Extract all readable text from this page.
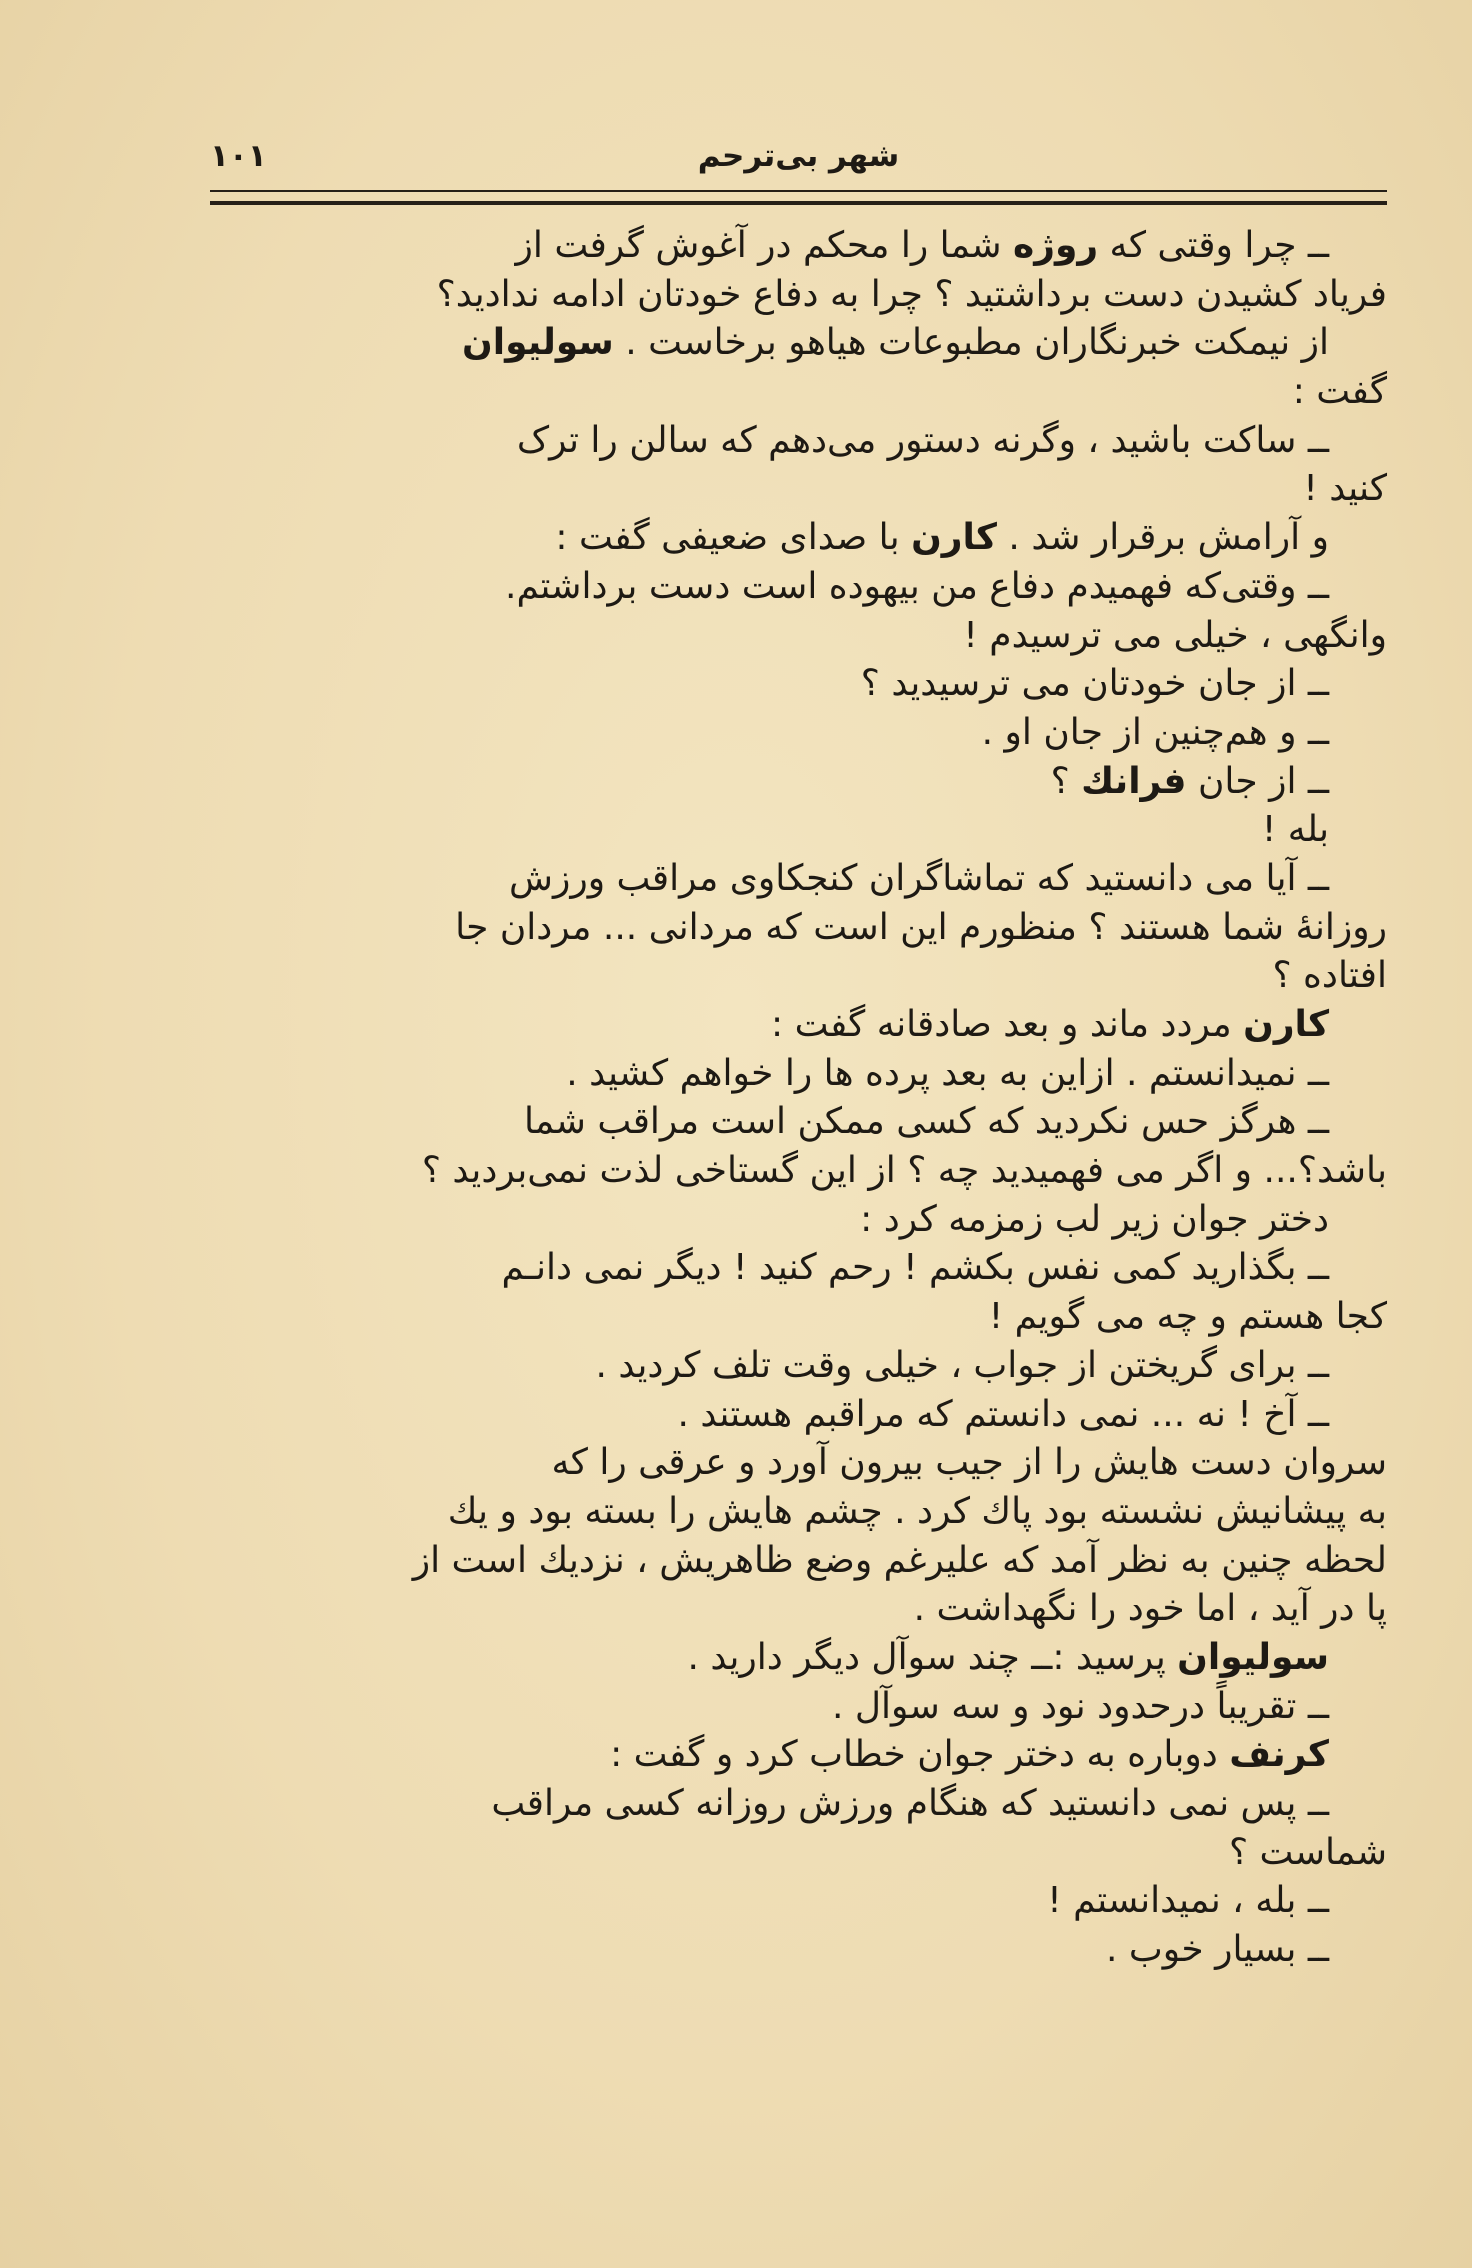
شهر بی‌ترحم
۱۰۱
ــ چرا وقتی که روژه شما را محکم در آغوش گرفت از
فریاد کشیدن دست برداشتید ؟ چرا به دفاع خودتان ادامه ندادید؟
از نیمکت خبرنگاران مطبوعات هیاهو برخاست . سولیوان
گفت :
ــ ساکت باشید ، وگرنه دستور می‌دهم که سالن را ترک
کنید !
و آرامش برقرار شد . کارن با صدای ضعیفی گفت :
ــ وقتی‌که فهمیدم دفاع من بیهوده است دست برداشتم.
وانگهی ، خیلی می ترسیدم !
ــ از جان خودتان می ترسیدید ؟
ــ و هم‌چنین از جان او .
ــ از جان فرانك ؟
بله !
ــ آیا می دانستید که تماشاگران کنجکاوی مراقب ورزش
روزانهٔ شما هستند ؟ منظورم این است که مردانی ... مردان جا
افتاده ؟
کارن مردد ماند و بعد صادقانه گفت :
ــ نمیدانستم . ازاین به بعد پرده ها را خواهم کشید .
ــ هرگز حس نکردید که کسی ممکن است مراقب شما
باشد؟... و اگر می فهمیدید چه ؟ از این گستاخی لذت نمی‌بردید ؟
دختر جوان زیر لب زمزمه کرد :
ــ بگذارید کمی نفس بکشم ! رحم کنید ! دیگر نمی دانـم
کجا هستم و چه می گویم !
ــ برای گریختن از جواب ، خیلی وقت تلف کردید .
ــ آخ ! نه ... نمی دانستم که مراقبم هستند .
سروان دست هایش را از جیب بیرون آورد و عرقی را که
به پیشانیش نشسته بود پاك کرد . چشم هایش را بسته بود و یك
لحظه چنین به نظر آمد که علیرغم وضع ظاهریش ، نزدیك است از
پا در آید ، اما خود را نگهداشت .
سولیوان پرسید :ــ چند سوآل دیگر دارید .
ــ تقریباً درحدود نود و سه سوآل .
کرنف دوباره به دختر جوان خطاب کرد و گفت :
ــ پس نمی دانستید که هنگام ورزش روزانه کسی مراقب
شماست ؟
ــ بله ، نمیدانستم !
ــ بسیار خوب .
